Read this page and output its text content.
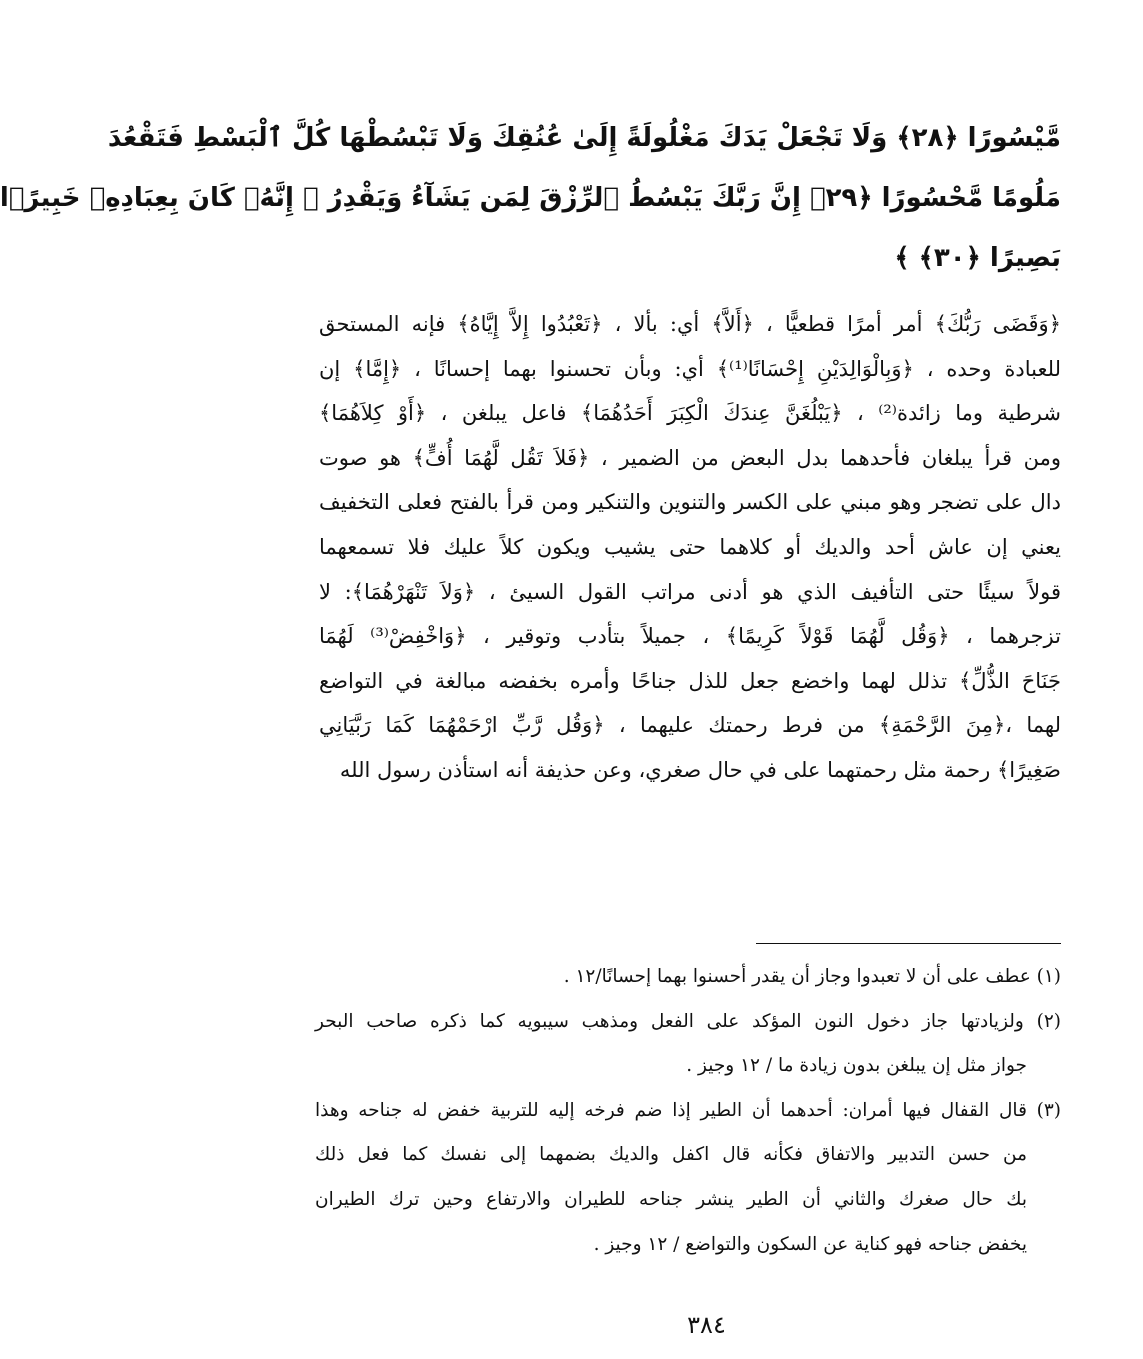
مَّيْسُورًا ﴿٢٨﴾ وَلَا تَجْعَلْ يَدَكَ مَغْلُولَةً إِلَىٰ عُنُقِكَ وَلَا تَبْسُطْهَا كُلَّ ٱلْبَسْطِ فَتَقْعُدَ
مَلُومًا مَّحْسُورًا ﴿٢٩﴾ إِنَّ رَبَّكَ يَبْسُطُ ٱلرِّزْقَ لِمَن يَشَآءُ وَيَقْدِرُ ۚ إِنَّهُۥ كَانَ بِعِبَادِهِۦ خَبِيرًۢا
بَصِيرًا ﴿٣٠﴾ ﴾
﴿وَقَضَى رَبُّكَ﴾ أمر أمرًا قطعيًّا ، ﴿أَلاَّ﴾ أي: بألا ، ﴿تَعْبُدُوا إِلاَّ إِيَّاهُ﴾ فإنه المستحق
للعبادة وحده ، ﴿وَبِالْوَالِدَيْنِ إِحْسَانًا⁽¹⁾﴾ أي: وبأن تحسنوا بهما إحسانًا ، ﴿إِمَّا﴾ إن
شرطية وما زائدة⁽²⁾ ، ﴿يَبْلُغَنَّ عِندَكَ الْكِبَرَ أَحَدُهُمَا﴾ فاعل يبلغن ، ﴿أَوْ كِلاَهُمَا﴾
ومن قرأ يبلغان فأحدهما بدل البعض من الضمير ، ﴿فَلاَ تَقُل لَّهُمَا أُفٍّ﴾ هو صوت
دال على تضجر وهو مبني على الكسر والتنوين والتنكير ومن قرأ بالفتح فعلى التخفيف
يعني إن عاش أحد والديك أو كلاهما حتى يشيب ويكون كلاً عليك فلا تسمعهما
قولاً سيئًا حتى التأفيف الذي هو أدنى مراتب القول السيئ ، ﴿وَلاَ تَنْهَرْهُمَا﴾: لا
تزجرهما ، ﴿وَقُل لَّهُمَا قَوْلاً كَرِيمًا﴾ ، جميلاً بتأدب وتوقير ، ﴿وَاخْفِضْ⁽³⁾ لَهُمَا
جَنَاحَ الذُّلِّ﴾ تذلل لهما واخضع جعل للذل جناحًا وأمره بخفضه مبالغة في التواضع
لهما ،﴿مِنَ الرَّحْمَةِ﴾ من فرط رحمتك عليهما ، ﴿وَقُل رَّبِّ ارْحَمْهُمَا كَمَا رَبَّيَانِي
صَغِيرًا﴾ رحمة مثل رحمتهما على في حال صغري، وعن حذيفة أنه استأذن رسول الله
(١) عطف على أن لا تعبدوا وجاز أن يقدر أحسنوا بهما إحسانًا/١٢ .
(٢) ولزيادتها جاز دخول النون المؤكد على الفعل ومذهب سيبويه كما ذكره صاحب البحر
جواز مثل إن يبلغن بدون زيادة ما / ١٢ وجيز .
(٣) قال القفال فيها أمران: أحدهما أن الطير إذا ضم فرخه إليه للتربية خفض له جناحه وهذا
من حسن التدبير والاتفاق فكأنه قال اكفل والديك بضمهما إلى نفسك كما فعل ذلك
بك حال صغرك والثاني أن الطير ينشر جناحه للطيران والارتفاع وحين ترك الطيران
يخفض جناحه فهو كناية عن السكون والتواضع / ١٢ وجيز .
٣٨٤
